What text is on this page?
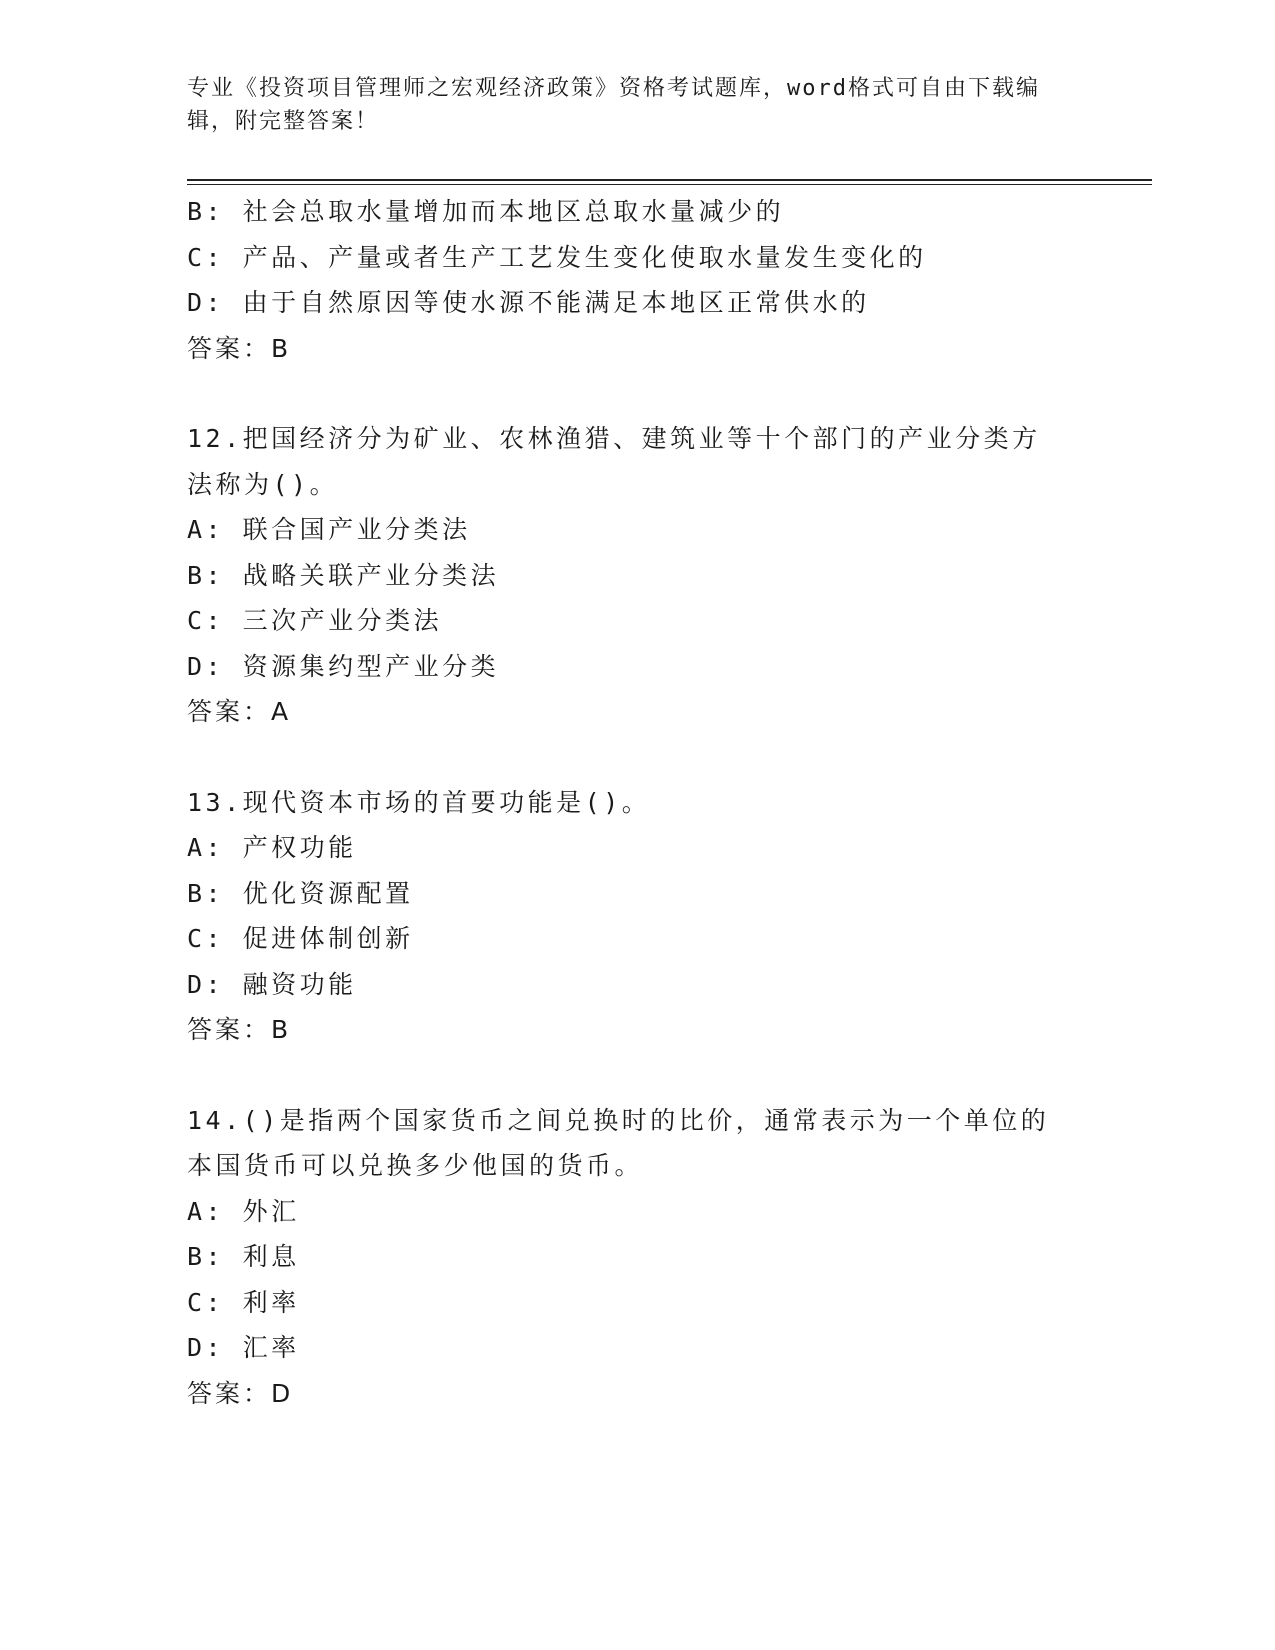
专业《投资项目管理师之宏观经济政策》资格考试题库，word格式可自由下载编辑，附完整答案！
B: 社会总取水量增加而本地区总取水量减少的
C: 产品、产量或者生产工艺发生变化使取水量发生变化的
D: 由于自然原因等使水源不能满足本地区正常供水的
答案：B
12.把国经济分为矿业、农林渔猎、建筑业等十个部门的产业分类方法称为()。
A: 联合国产业分类法
B: 战略关联产业分类法
C: 三次产业分类法
D: 资源集约型产业分类
答案：A
13.现代资本市场的首要功能是()。
A: 产权功能
B: 优化资源配置
C: 促进体制创新
D: 融资功能
答案：B
14.()是指两个国家货币之间兑换时的比价，通常表示为一个单位的本国货币可以兑换多少他国的货币。
A: 外汇
B: 利息
C: 利率
D: 汇率
答案：D
